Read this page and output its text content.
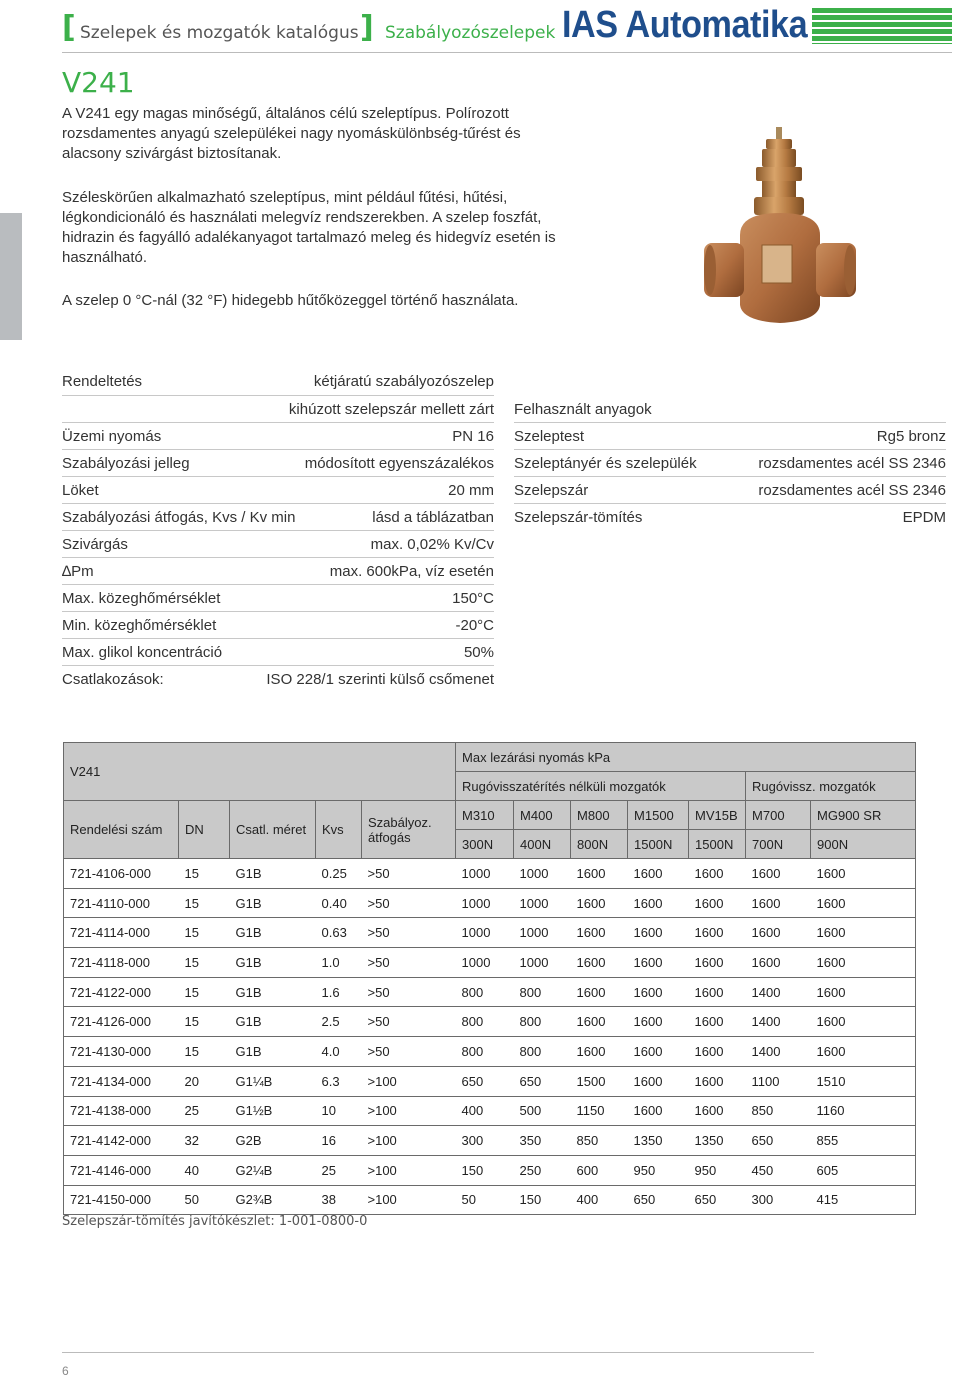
[ Szelepek és mozgatók katalógus ] Szabályozószelepek IAS Automatika
V241

A V241 egy magas minőségű, általános célú szeleptípus. Polírozott rozsdamentes anyagú szelepülékei nagy nyomáskülönbség-tűrést és alacsony szivárgást biztosítanak.

Széleskörűen alkalmazható szeleptípus, mint például fűtési, hűtési, légkondicionáló és használati melegvíz rendszerekben. A szelep foszfát, hidrazin és fagyálló adalékanyagot tartalmazó meleg és hidegvíz esetén is használható.

A szelep 0 °C-nál (32 °F) hidegebb hűtőközeggel történő használata.

Rendeltetés	kétjáratú szabályozószelep
kihúzott szelepszár mellett zárt
Üzemi nyomás	PN 16
Szabályozási jelleg	módosított egyenszázalékos
Löket	20 mm
Szabályozási átfogás, Kvs / Kv min	lásd a táblázatban
Szivárgás	max. 0,02% Kv/Cv
∆Pm	max. 600kPa, víz esetén
Max. közeghőmérséklet	150°C
Min. közeghőmérséklet	-20°C
Max. glikol koncentráció	50%
Csatlakozások:	ISO 228/1 szerinti külső csőmenet
Felhasznált anyagok
Szeleptest	Rg5 bronz
Szeleptányér és szelepülék	rozsdamentes acél SS 2346
Szelepszár	rozsdamentes acél SS 2346
Szelepszár-tömítés	EPDM
V241					Max lezárási nyomás kPa						
					Rugóvisszatérítés nélküli mozgatók					Rugóvissz. mozgatók	
Rendelési szám	DN	Csatl. méret	Kvs	Szabályoz. átfogás	M310	M400	M800	M1500	MV15B	M700	MG900 SR
					300N	400N	800N	1500N	1500N	700N	900N
721-4106-000	15	G1B	0.25	>50	1000	1000	1600	1600	1600	1600	1600
721-4110-000	15	G1B	0.40	>50	1000	1000	1600	1600	1600	1600	1600
721-4114-000	15	G1B	0.63	>50	1000	1000	1600	1600	1600	1600	1600
721-4118-000	15	G1B	1.0	>50	1000	1000	1600	1600	1600	1600	1600
721-4122-000	15	G1B	1.6	>50	800	800	1600	1600	1600	1400	1600
721-4126-000	15	G1B	2.5	>50	800	800	1600	1600	1600	1400	1600
721-4130-000	15	G1B	4.0	>50	800	800	1600	1600	1600	1400	1600
721-4134-000	20	G1¼B	6.3	>100	650	650	1500	1600	1600	1100	1510
721-4138-000	25	G1½B	10	>100	400	500	1150	1600	1600	850	1160
721-4142-000	32	G2B	16	>100	300	350	850	1350	1350	650	855
721-4146-000	40	G2¼B	25	>100	150	250	600	950	950	450	605
721-4150-000	50	G2¾B	38	>100	50	150	400	650	650	300	415
Szelepszár-tömítés javítókészlet: 1-001-0800-0
6
